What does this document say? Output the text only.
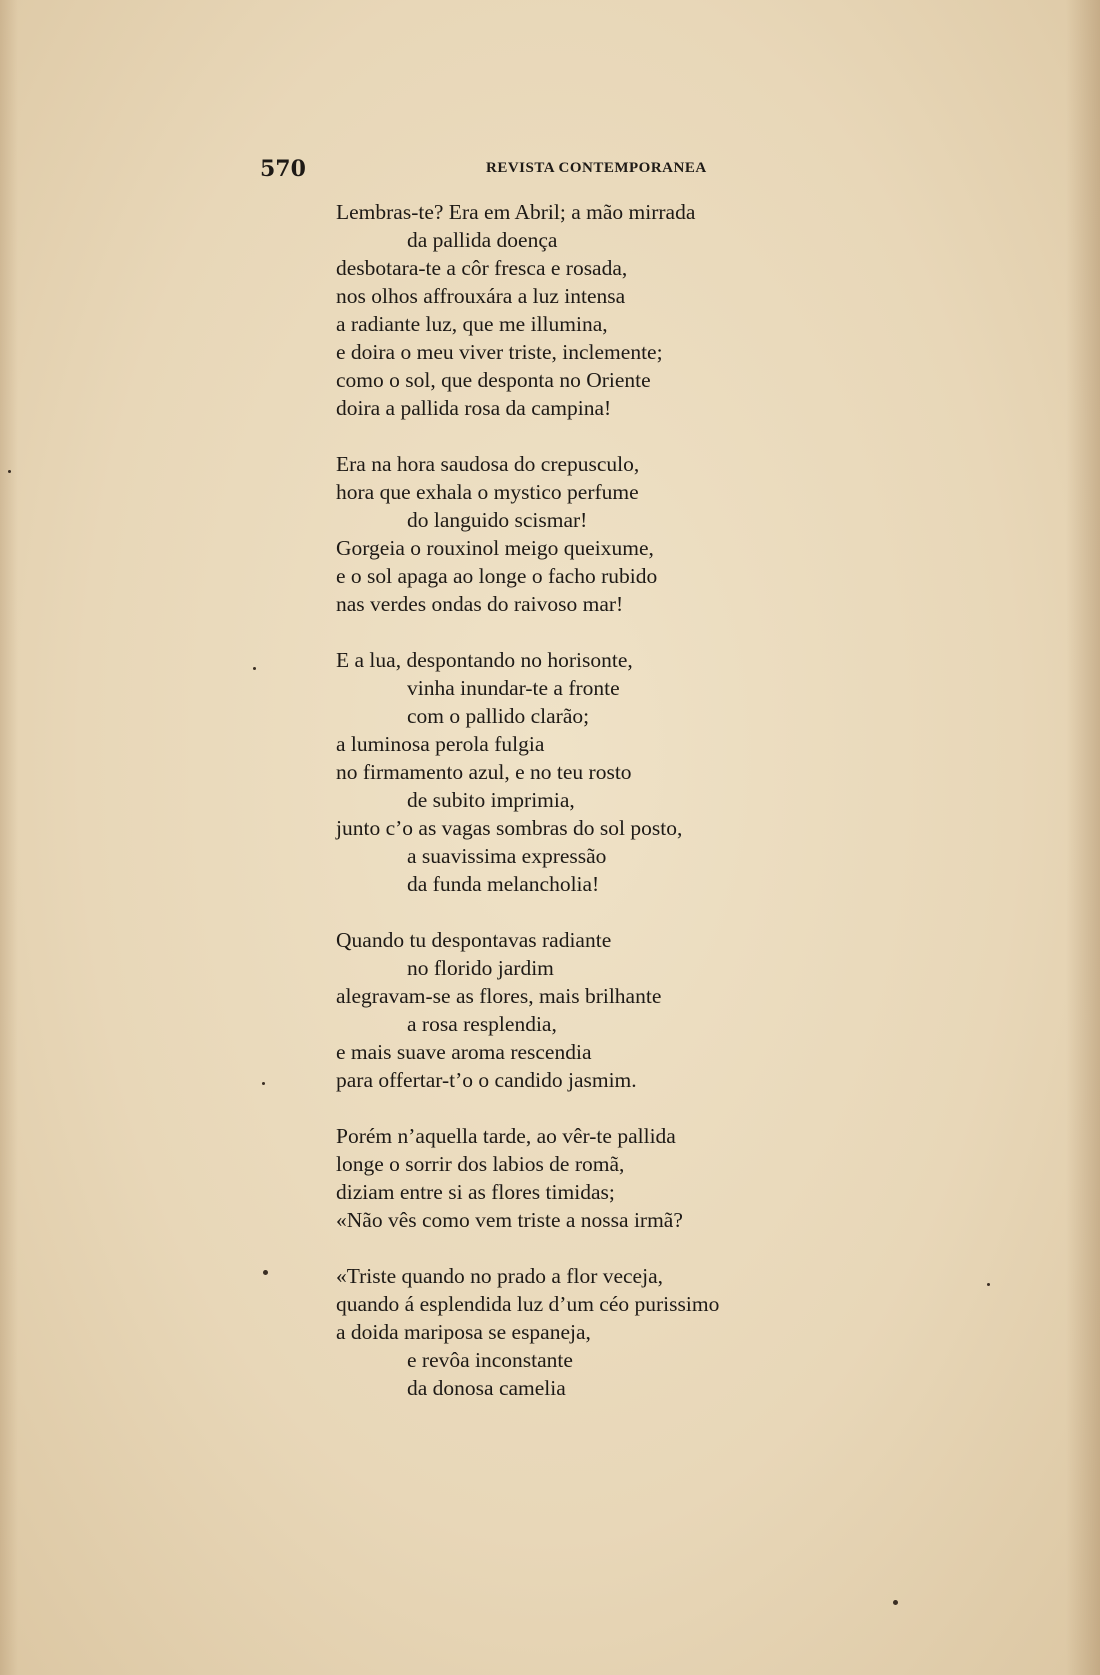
570	REVISTA CONTEMPORANEA
Lembras-te? Era em Abril; a mão mirrada
da pallida doença
desbotara-te a côr fresca e rosada,
nos olhos affrouxára a luz intensa
a radiante luz, que me illumina,
e doira o meu viver triste, inclemente;
como o sol, que desponta no Oriente
doira a pallida rosa da campina!
Era na hora saudosa do crepusculo,
hora que exhala o mystico perfume
do languido scismar!
Gorgeia o rouxinol meigo queixume,
e o sol apaga ao longe o facho rubido
nas verdes ondas do raivoso mar!
E a lua, despontando no horisonte,
vinha inundar-te a fronte
com o pallido clarão;
a luminosa perola fulgia
no firmamento azul, e no teu rosto
de subito imprimia,
junto c’o as vagas sombras do sol posto,
a suavissima expressão
da funda melancholia!
Quando tu despontavas radiante
no florido jardim
alegravam-se as flores, mais brilhante
a rosa resplendia,
e mais suave aroma rescendia
para offertar-t’o o candido jasmim.
Porém n’aquella tarde, ao vêr-te pallida
longe o sorrir dos labios de romã,
diziam entre si as flores timidas;
«Não vês como vem triste a nossa irmã?
«Triste quando no prado a flor veceja,
quando á esplendida luz d’um céo purissimo
a doida mariposa se espaneja,
e revôa inconstante
da donosa camelia
